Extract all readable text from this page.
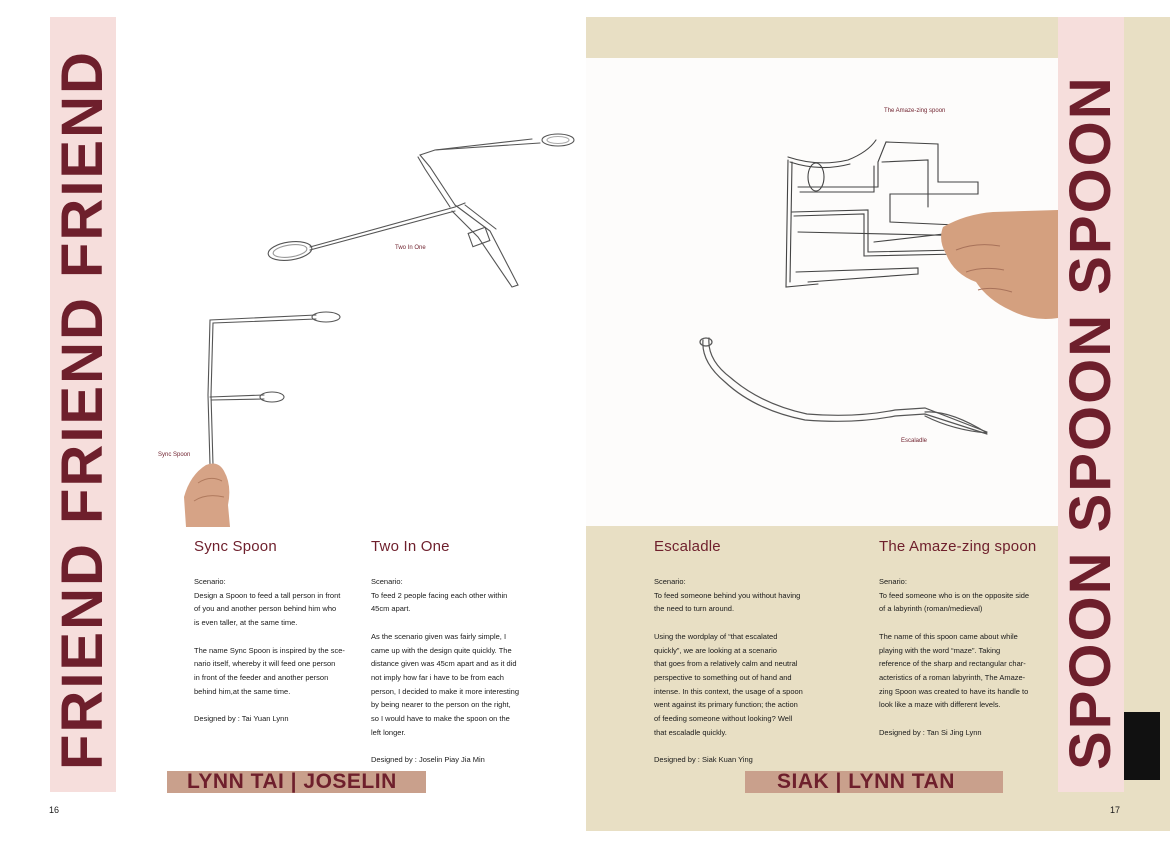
FRIEND FRIEND FRIEND	SPOON SPOON SPOON
Sync Spoon
Two In One
The Amaze-zing spoon
Escaladle
Sync Spoon

Scenario:

Design a Spoon to feed a tall person in front

of you and another person behind him who

is even taller, at the same time.

The name Sync Spoon is inspired by the sce-

nario itself, whereby it will feed one person

in front of the feeder and another person

behind him,at the same time.

Designed by : Tai Yuan Lynn

Two In One

Scenario:

To feed 2 people facing each other within

45cm apart.

As the scenario given was fairly simple, I

came up with the design quite quickly. The

distance given was 45cm apart and as it did

not imply how far i have to be from each

person, I decided to make it more interesting

by being nearer to the person on the right,

so I would have to make the spoon on the

left longer.

Designed by : Joselin Piay Jia Min

Escaladle

Scenario:

To feed someone behind you without having

the need to turn around.

Using the wordplay of “that escalated

quickly”, we are looking at a scenario

that goes from a relatively calm and neutral

perspective to something out of hand and

intense. In this context, the usage of a spoon

went against its primary function; the action

of feeding someone without looking? Well

that escaladle quickly.

Designed by : Siak Kuan Ying

The Amaze-zing spoon

Senario:

To feed someone who is on the opposite side

of a labyrinth (roman/medieval)

The name of this spoon came about while

playing with the word “maze”. Taking

reference of the sharp and rectangular char-

acteristics of a roman labyrinth, The Amaze-

zing Spoon was created to have its handle to

look like a maze with different levels.

Designed by : Tan Si Jing Lynn

LYNN TAI | JOSELIN	SIAK | LYNN TAN
16	17
